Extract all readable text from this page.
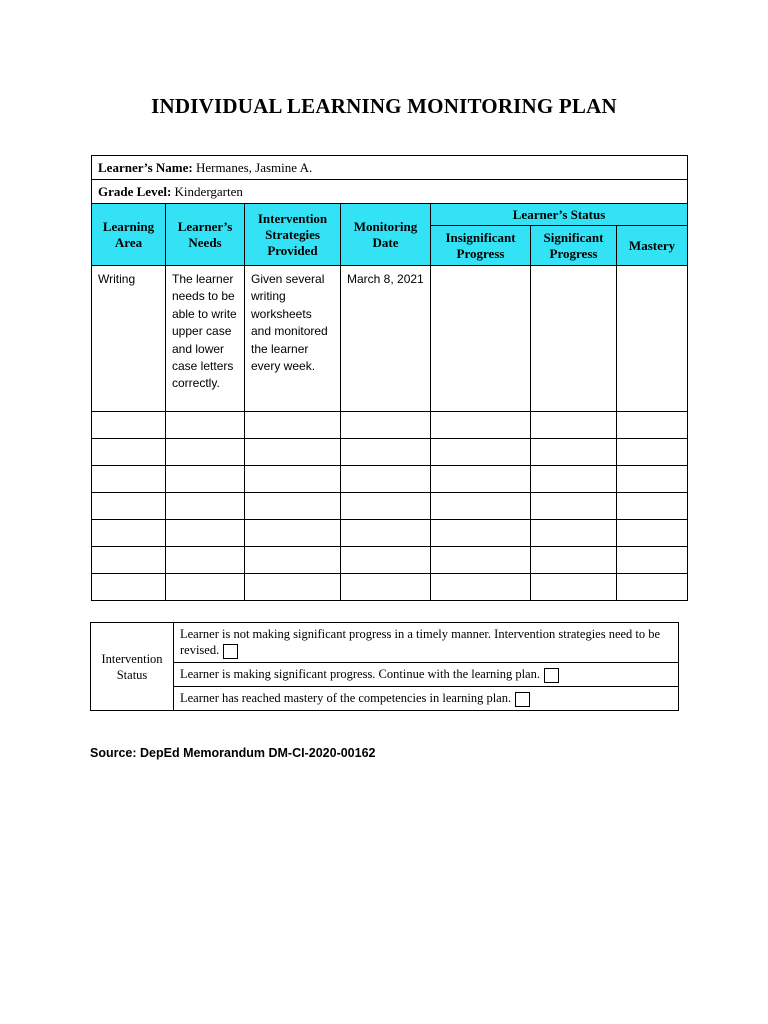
INDIVIDUAL LEARNING MONITORING PLAN
Learner’s Name: Hermanes, Jasmine A.						
Grade Level: Kindergarten						
Learning Area	Learner’s Needs	Intervention Strategies Provided	Monitoring Date	Learner’s Status		
				Insignificant Progress	Significant Progress	Mastery
Writing	The learner needs to be able to write upper case and lower case letters correctly.	Given several writing worksheets and monitored the learner every week.	March 8, 2021			

Intervention Status	Learner is not making significant progress in a timely manner. Intervention strategies need to be revised.
Learner is making significant progress. Continue with the learning plan.
Learner has reached mastery of the competencies in learning plan.
Source: DepEd Memorandum DM-CI-2020-00162
